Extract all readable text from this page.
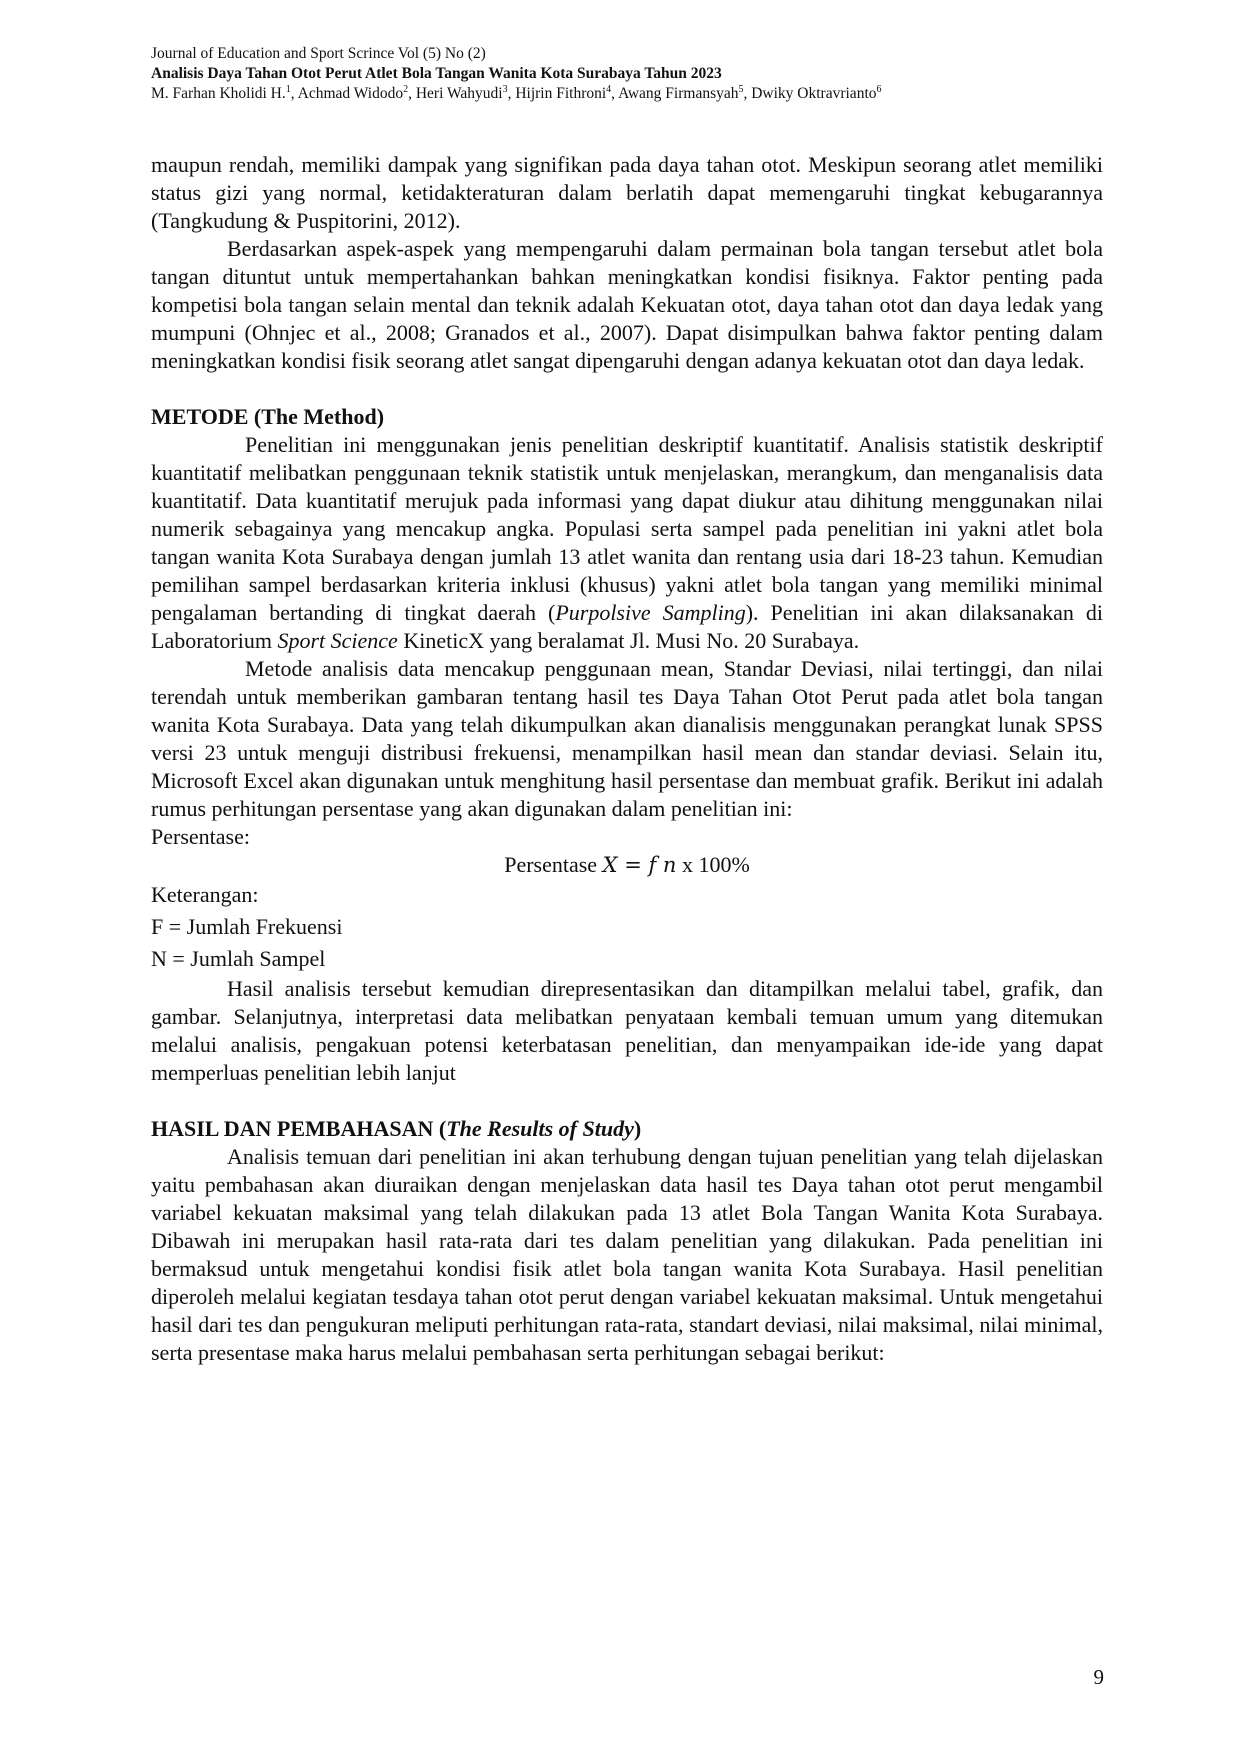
Journal of Education and Sport Scrince Vol (5) No (2)
Analisis Daya Tahan Otot Perut Atlet Bola Tangan Wanita Kota Surabaya Tahun 2023
M. Farhan Kholidi H.$^1$, Achmad Widodo$^2$, Heri Wahyudi$^3$, Hijrin Fithroni$^4$, Awang Firmansyah$^5$, Dwiky Oktravrianto$^6$

maupun rendah, memiliki dampak yang signifikan pada daya tahan otot. Meskipun seorang atlet memiliki status gizi yang normal, ketidakteraturan dalam berlatih dapat memengaruhi tingkat kebugarannya (Tangkudung & Puspitorini, 2012).

Berdasarkan aspek-aspek yang mempengaruhi dalam permainan bola tangan tersebut atlet bola tangan dituntut untuk mempertahankan bahkan meningkatkan kondisi fisiknya. Faktor penting pada kompetisi bola tangan selain mental dan teknik adalah Kekuatan otot, daya tahan otot dan daya ledak yang mumpuni (Ohnjec et al., 2008; Granados et al., 2007). Dapat disimpulkan bahwa faktor penting dalam meningkatkan kondisi fisik seorang atlet sangat dipengaruhi dengan adanya kekuatan otot dan daya ledak.

METODE (The Method)

Penelitian ini menggunakan jenis penelitian deskriptif kuantitatif. Analisis statistik deskriptif kuantitatif melibatkan penggunaan teknik statistik untuk menjelaskan, merangkum, dan menganalisis data kuantitatif. Data kuantitatif merujuk pada informasi yang dapat diukur atau dihitung menggunakan nilai numerik sebagainya yang mencakup angka. Populasi serta sampel pada penelitian ini yakni atlet bola tangan wanita Kota Surabaya dengan jumlah 13 atlet wanita dan rentang usia dari 18-23 tahun. Kemudian pemilihan sampel berdasarkan kriteria inklusi (khusus) yakni atlet bola tangan yang memiliki minimal pengalaman bertanding di tingkat daerah (Purpolsive Sampling). Penelitian ini akan dilaksanakan di Laboratorium Sport Science KineticX yang beralamat Jl. Musi No. 20 Surabaya.

Metode analisis data mencakup penggunaan mean, Standar Deviasi, nilai tertinggi, dan nilai terendah untuk memberikan gambaran tentang hasil tes Daya Tahan Otot Perut pada atlet bola tangan wanita Kota Surabaya. Data yang telah dikumpulkan akan dianalisis menggunakan perangkat lunak SPSS versi 23 untuk menguji distribusi frekuensi, menampilkan hasil mean dan standar deviasi. Selain itu, Microsoft Excel akan digunakan untuk menghitung hasil persentase dan membuat grafik. Berikut ini adalah rumus perhitungan persentase yang akan digunakan dalam penelitian ini:

Persentase:

Persentase X = f n x 100%

Keterangan:

F = Jumlah Frekuensi

N = Jumlah Sampel

Hasil analisis tersebut kemudian direpresentasikan dan ditampilkan melalui tabel, grafik, dan gambar. Selanjutnya, interpretasi data melibatkan penyataan kembali temuan umum yang ditemukan melalui analisis, pengakuan potensi keterbatasan penelitian, dan menyampaikan ide-ide yang dapat memperluas penelitian lebih lanjut

HASIL DAN PEMBAHASAN (The Results of Study)

Analisis temuan dari penelitian ini akan terhubung dengan tujuan penelitian yang telah dijelaskan yaitu pembahasan akan diuraikan dengan menjelaskan data hasil tes Daya tahan otot perut mengambil variabel kekuatan maksimal yang telah dilakukan pada 13 atlet Bola Tangan Wanita Kota Surabaya. Dibawah ini merupakan hasil rata-rata dari tes dalam penelitian yang dilakukan. Pada penelitian ini bermaksud untuk mengetahui kondisi fisik atlet bola tangan wanita Kota Surabaya. Hasil penelitian diperoleh melalui kegiatan tesdaya tahan otot perut dengan variabel kekuatan maksimal. Untuk mengetahui hasil dari tes dan pengukuran meliputi perhitungan rata-rata, standart deviasi, nilai maksimal, nilai minimal, serta presentase maka harus melalui pembahasan serta perhitungan sebagai berikut:

9
